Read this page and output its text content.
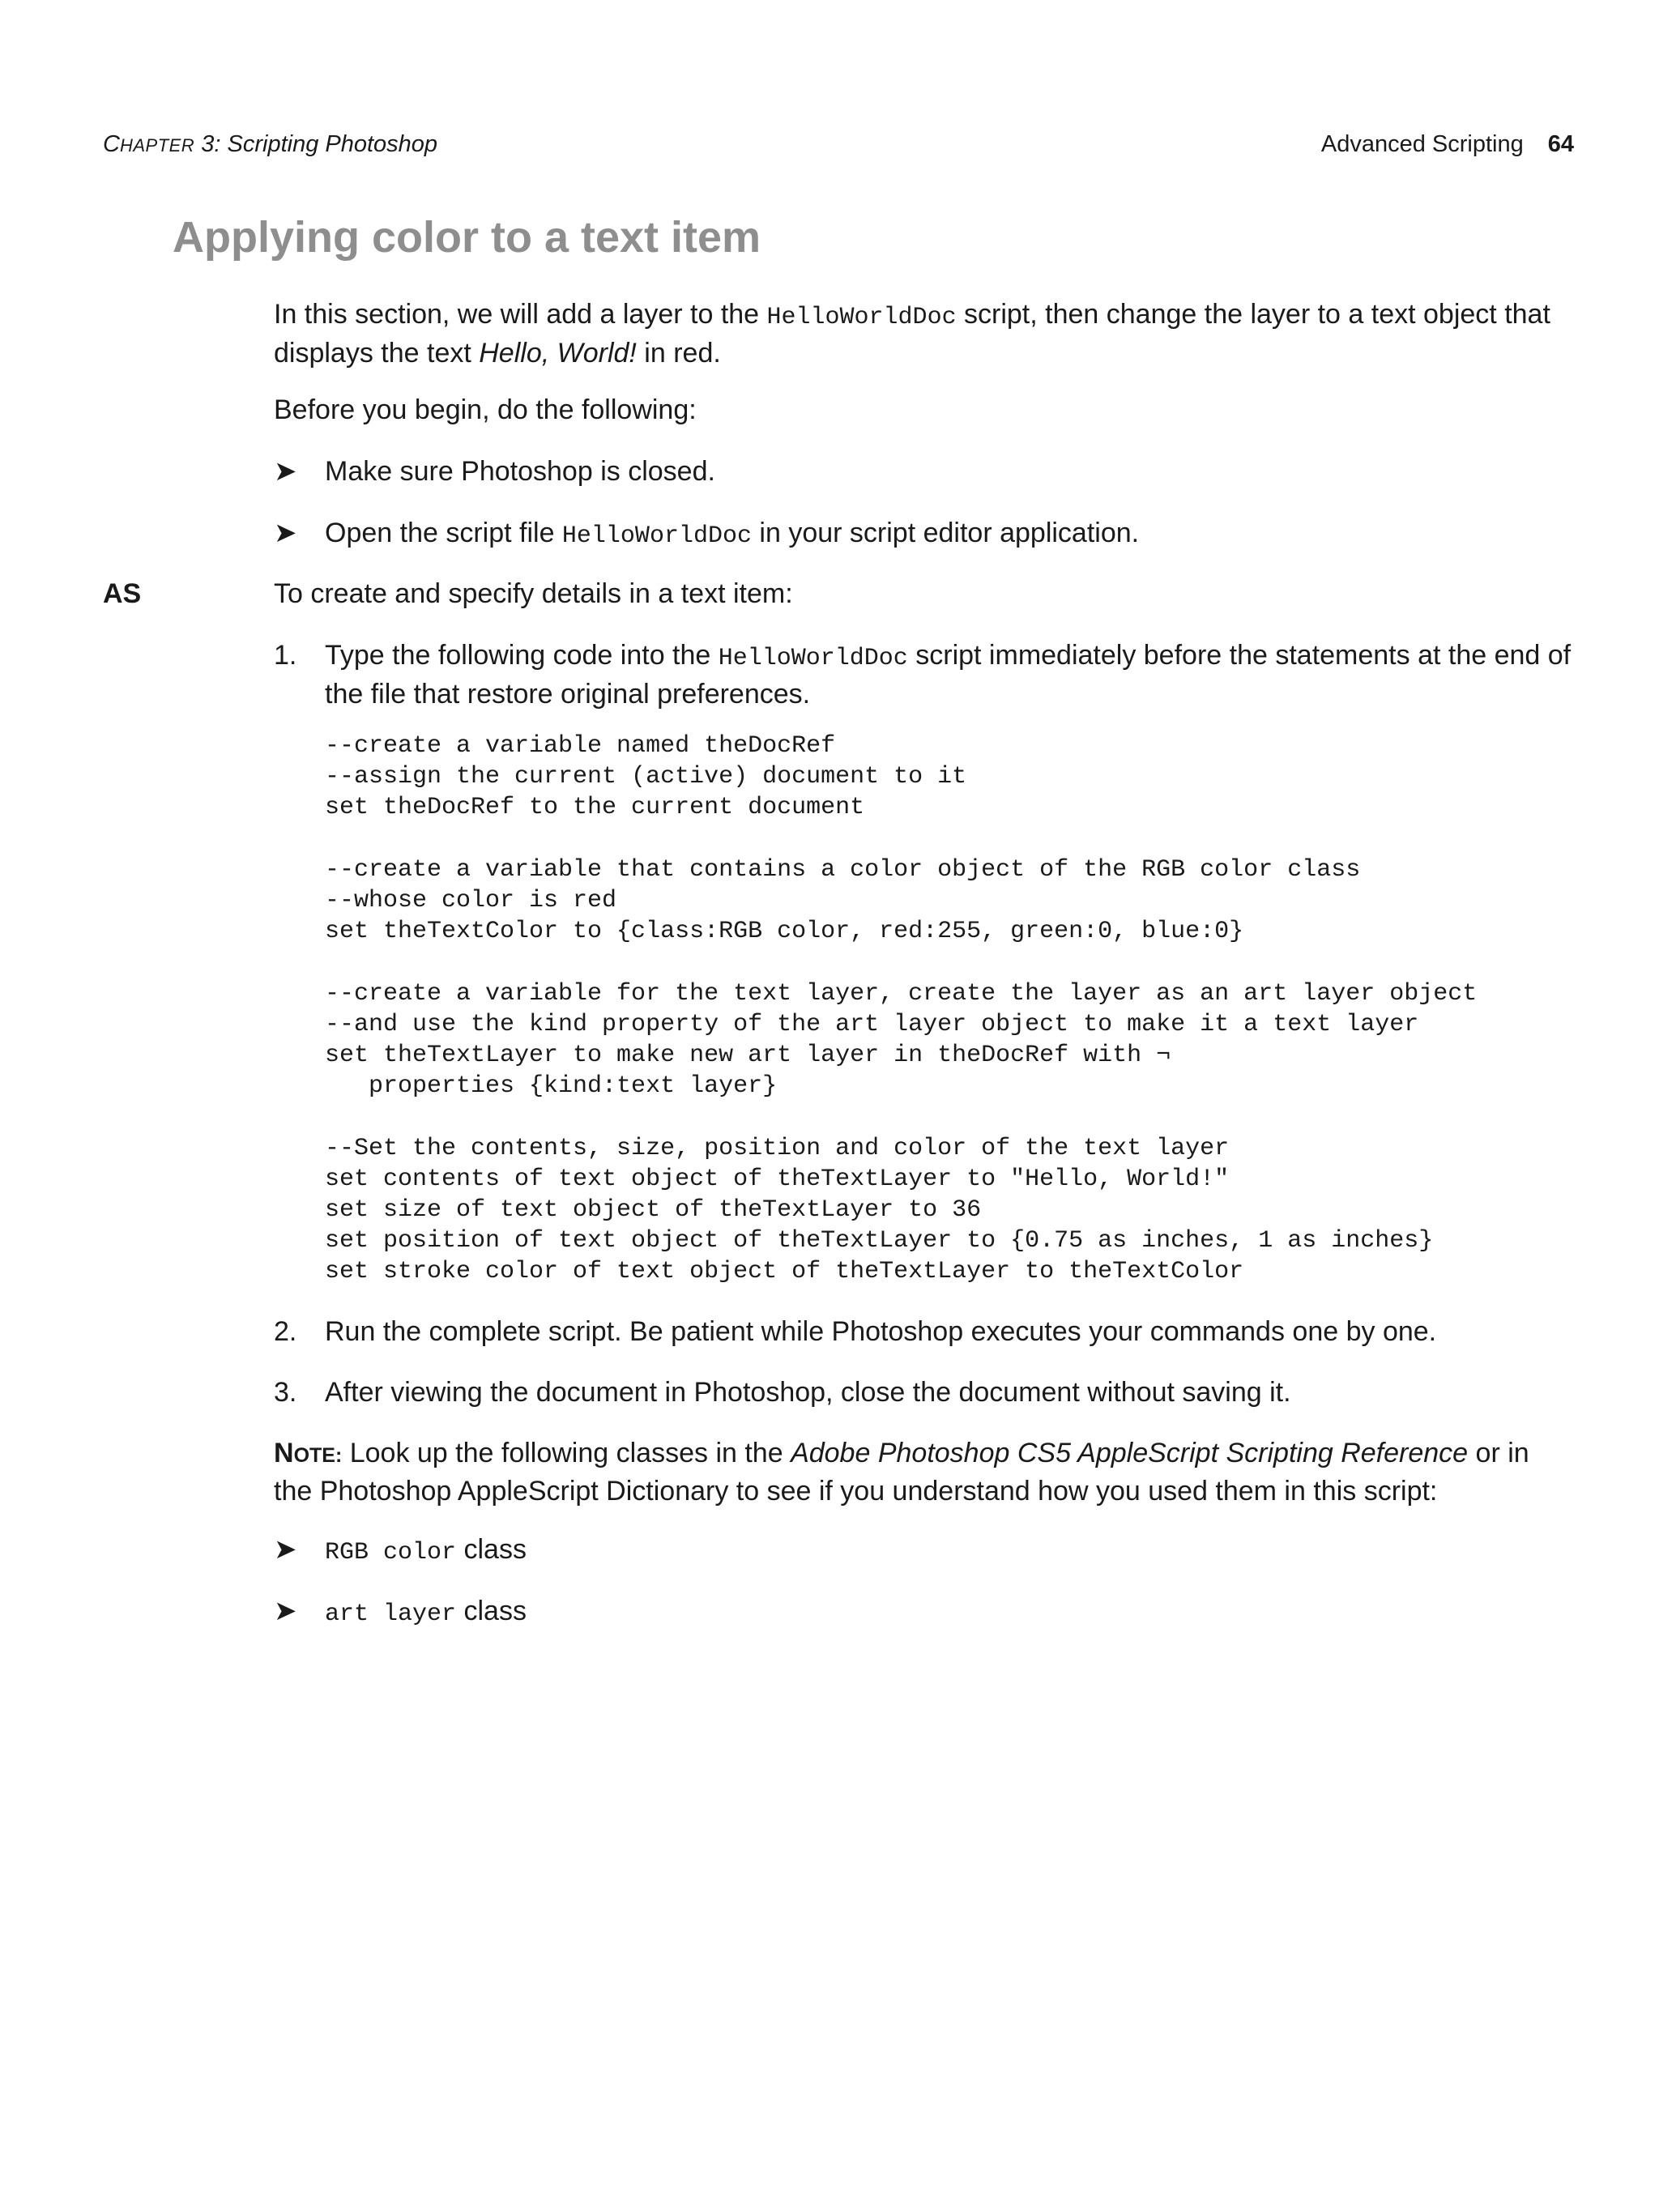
CHAPTER 3: Scripting Photoshop	Advanced Scripting 64
Applying color to a text item

In this section, we will add a layer to the HelloWorldDoc script, then change the layer to a text object that displays the text Hello, World! in red.

Before you begin, do the following:

➤	Make sure Photoshop is closed.
➤	Open the script file HelloWorldDoc in your script editor application.
AS	To create and specify details in a text item:

1.	Type the following code into the HelloWorldDoc script immediately before the statements at the end of the file that restore original preferences.
--create a variable named theDocRef
--assign the current (active) document to it
set theDocRef to the current document

--create a variable that contains a color object of the RGB color class
--whose color is red
set theTextColor to {class:RGB color, red:255, green:0, blue:0}

--create a variable for the text layer, create the layer as an art layer object
--and use the kind property of the art layer object to make it a text layer
set theTextLayer to make new art layer in theDocRef with ¬
properties {kind:text layer}

--Set the contents, size, position and color of the text layer
set contents of text object of theTextLayer to "Hello, World!"
set size of text object of theTextLayer to 36
set position of text object of theTextLayer to {0.75 as inches, 1 as inches}
set stroke color of text object of theTextLayer to theTextColor
2.	Run the complete script. Be patient while Photoshop executes your commands one by one.
3.	After viewing the document in Photoshop, close the document without saving it.

NOTE: Look up the following classes in the Adobe Photoshop CS5 AppleScript Scripting Reference or in the Photoshop AppleScript Dictionary to see if you understand how you used them in this script:

➤	RGB color class
➤	art layer class
